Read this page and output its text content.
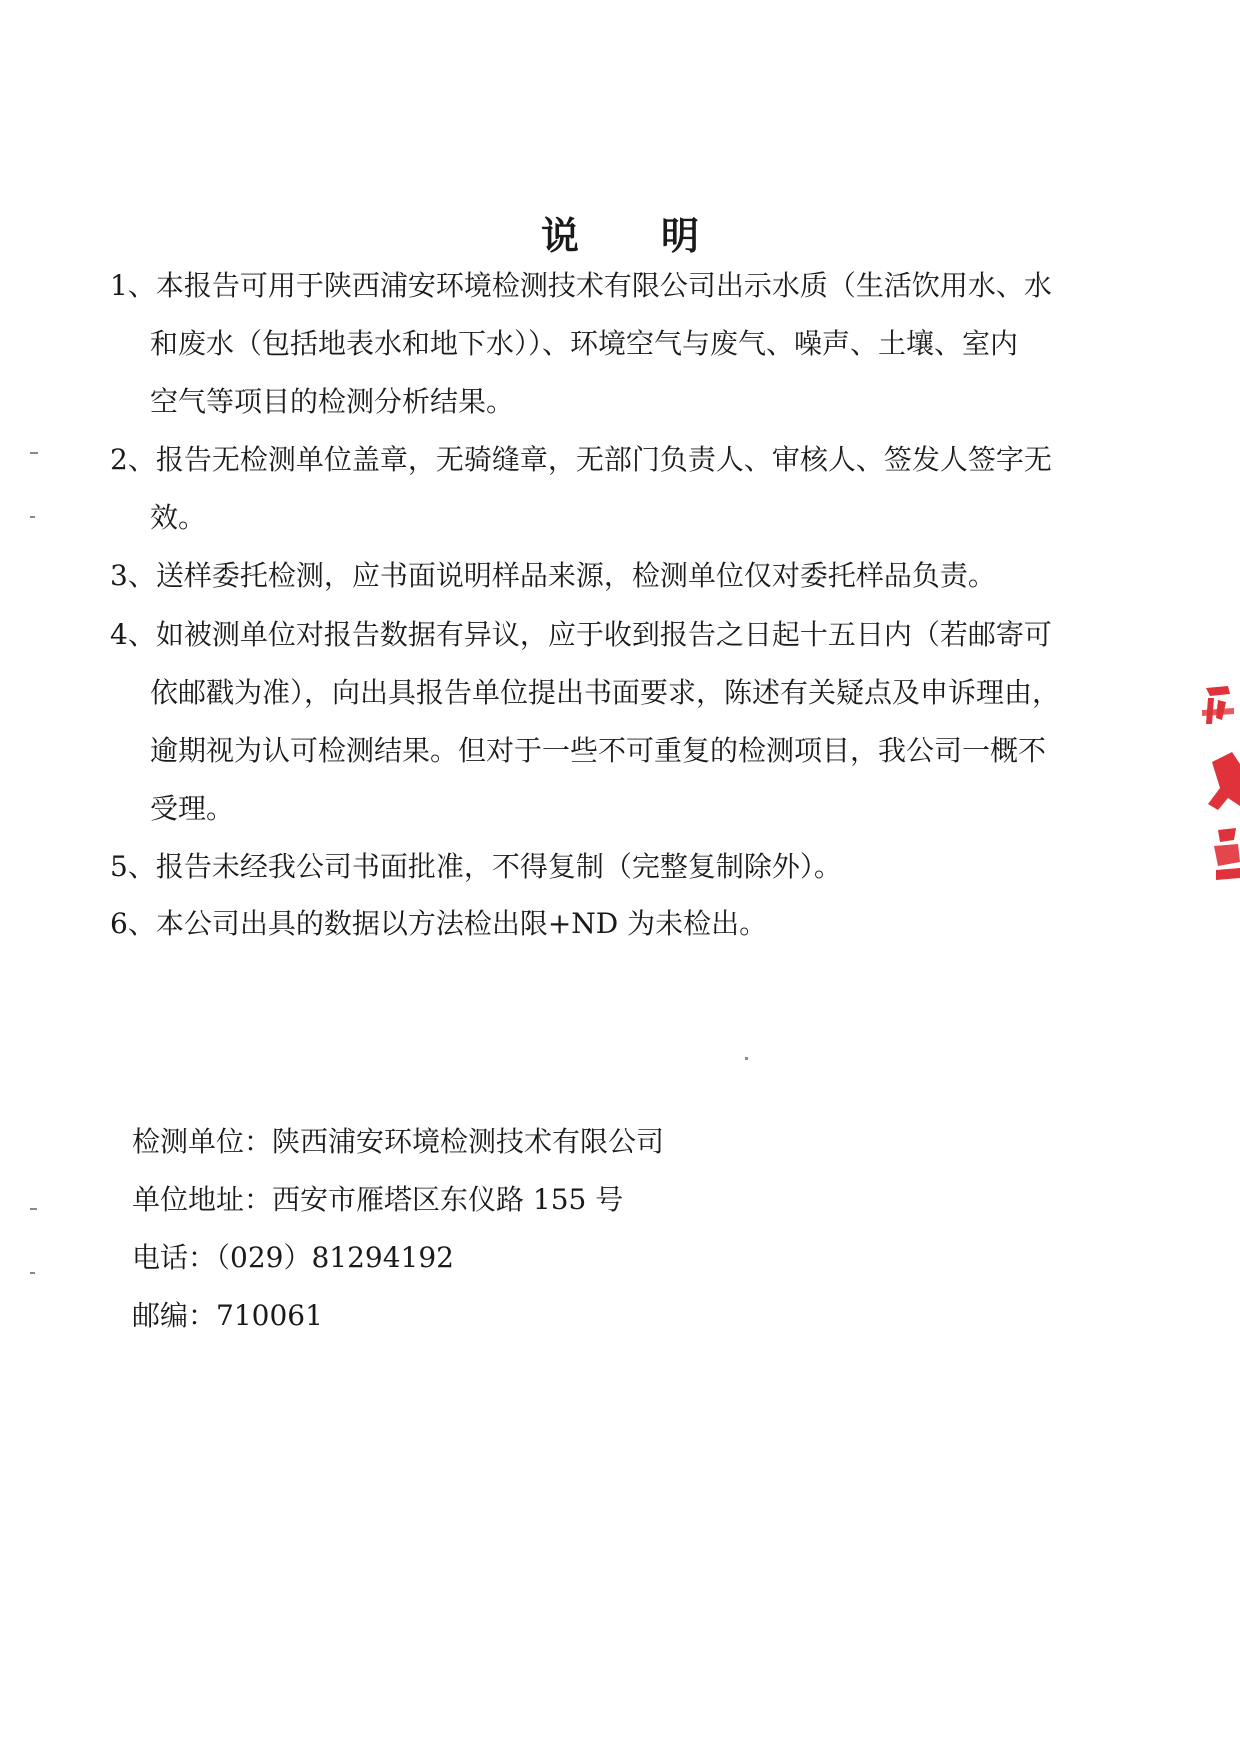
说 明
1、本报告可用于陕西浦安环境检测技术有限公司出示水质（生活饮用水、水
和废水（包括地表水和地下水））、环境空气与废气、噪声、土壤、室内
空气等项目的检测分析结果。
2、报告无检测单位盖章，无骑缝章，无部门负责人、审核人、签发人签字无
效。
3、送样委托检测，应书面说明样品来源，检测单位仅对委托样品负责。
4、如被测单位对报告数据有异议，应于收到报告之日起十五日内（若邮寄可
依邮戳为准），向出具报告单位提出书面要求，陈述有关疑点及申诉理由，
逾期视为认可检测结果。但对于一些不可重复的检测项目，我公司一概不
受理。
5、报告未经我公司书面批准，不得复制（完整复制除外）。
6、本公司出具的数据以方法检出限+ND 为未检出。
检测单位：陕西浦安环境检测技术有限公司
单位地址：西安市雁塔区东仪路 155 号
电话：（029）81294192
邮编：710061
